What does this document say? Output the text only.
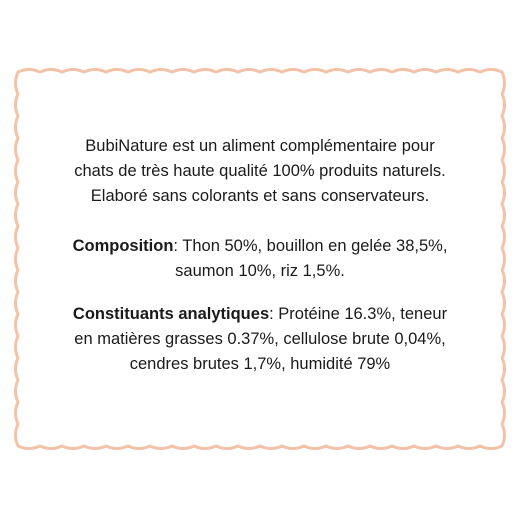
BubiNature est un aliment complémentaire pour
chats de très haute qualité 100% produits naturels.
Elaboré sans colorants et sans conservateurs.
Composition: Thon 50%, bouillon en gelée 38,5%,
saumon 10%, riz 1,5%.
Constituants analytiques: Protéine 16.3%, teneur
en matières grasses 0.37%, cellulose brute 0,04%,
cendres brutes 1,7%, humidité 79%
